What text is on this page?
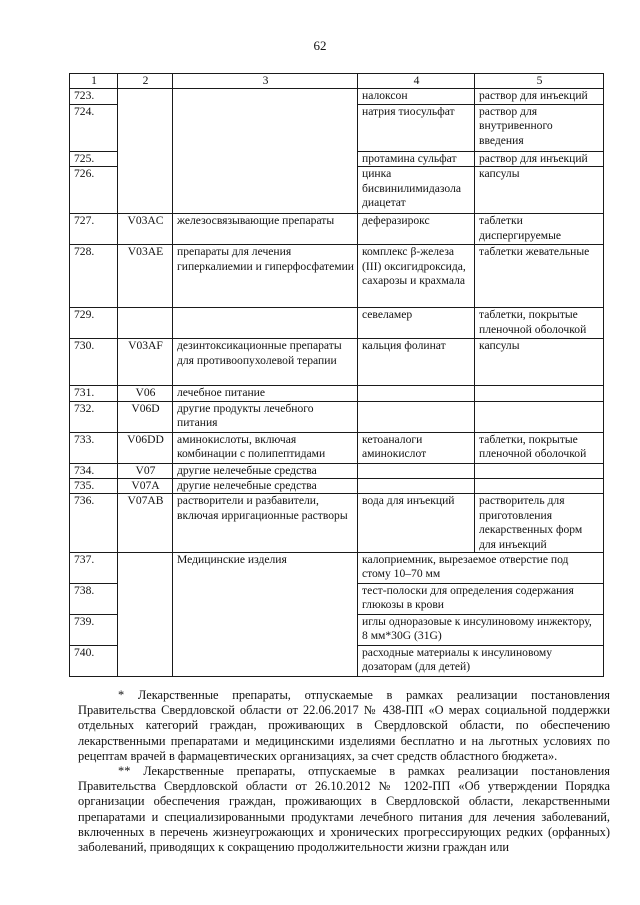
62
1	2	3	4	5
723.			налоксон	раствор для инъекций
724.			натрия тиосульфат	раствор для внутривенного введения
725.			протамина сульфат	раствор для инъекций
726.			цинка бисвинилимидазола диацетат	капсулы
727.	V03AC	железосвязывающие препараты	деферазирокс	таблетки диспергируемые
728.	V03AE	препараты для лечения гиперкалиемии и гиперфосфатемии	комплекс β-железа (III) оксигидроксида, сахарозы и крахмала	таблетки жевательные
729.			севеламер	таблетки, покрытые пленочной оболочкой
730.	V03AF	дезинтоксикационные препараты для противоопухолевой терапии	кальция фолинат	капсулы
731.	V06	лечебное питание		
732.	V06D	другие продукты лечебного питания		
733.	V06DD	аминокислоты, включая комбинации с полипептидами	кетоаналоги аминокислот	таблетки, покрытые пленочной оболочкой
734.	V07	другие нелечебные средства		
735.	V07A	другие нелечебные средства		
736.	V07AB	растворители и разбавители, включая ирригационные растворы	вода для инъекций	растворитель для приготовления лекарственных форм для инъекций
737.		Медицинские изделия	калоприемник, вырезаемое отверстие под стому 10–70 мм	
738.			тест-полоски для определения содержания глюкозы в крови	
739.			иглы одноразовые к инсулиновому инжектору, 8 мм*30G (31G)	
740.			расходные материалы к инсулиновому дозаторам (для детей)	

* Лекарственные препараты, отпускаемые в рамках реализации постановления Правительства Свердловской области от 22.06.2017 № 438-ПП «О мерах социальной поддержки отдельных категорий граждан, проживающих в Свердловской области, по обеспечению лекарственными препаратами и медицинскими изделиями бесплатно и на льготных условиях по рецептам врачей в фармацевтических организациях, за счет средств областного бюджета».

** Лекарственные препараты, отпускаемые в рамках реализации постановления Правительства Свердловской области от 26.10.2012 № 1202-ПП «Об утверждении Порядка организации обеспечения граждан, проживающих в Свердловской области, лекарственными препаратами и специализированными продуктами лечебного питания для лечения заболеваний, включенных в перечень жизнеугрожающих и хронических прогрессирующих редких (орфанных) заболеваний, приводящих к сокращению продолжительности жизни граждан или
